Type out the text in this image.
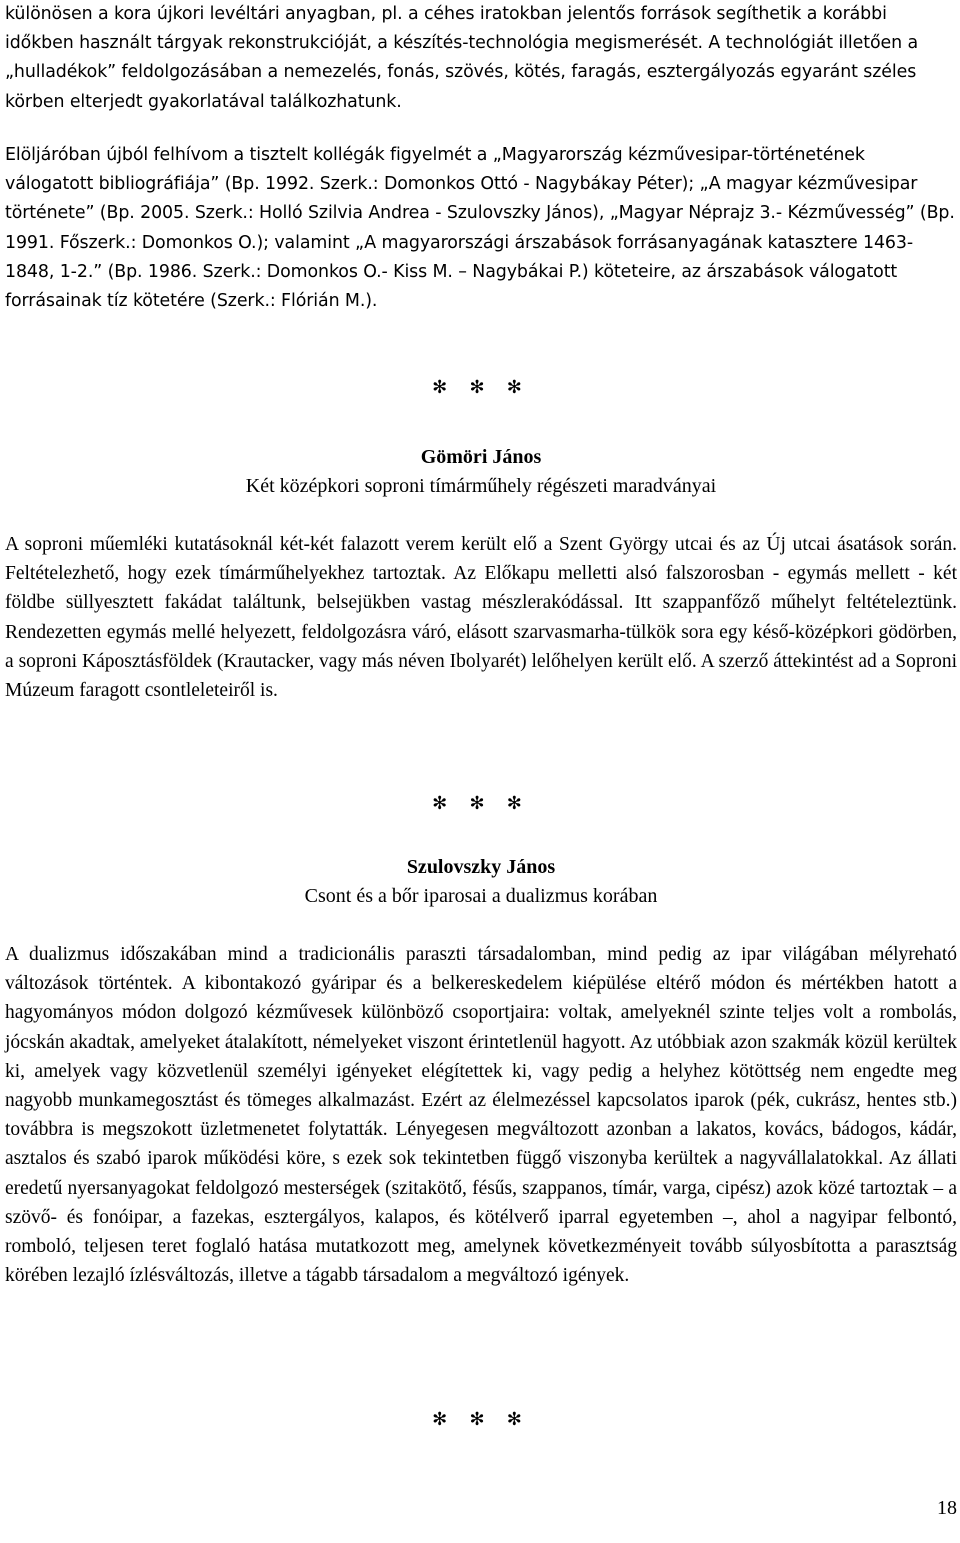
különösen a kora újkori levéltári anyagban, pl. a céhes iratokban jelentős források segíthetik a korábbi időkben használt tárgyak rekonstrukcióját, a készítés-technológia megismerését. A technológiát illetően a „hulladékok” feldolgozásában a nemezelés, fonás, szövés, kötés, faragás, esztergályozás egyaránt széles körben elterjedt gyakorlatával találkozhatunk.

Elöljáróban újból felhívom a tisztelt kollégák figyelmét a „Magyarország kézművesipar-történetének válogatott bibliográfiája” (Bp. 1992. Szerk.: Domonkos Ottó - Nagybákay Péter); „A magyar kézművesipar története” (Bp. 2005. Szerk.: Holló Szilvia Andrea - Szulovszky János), „Magyar Néprajz 3.- Kézművesség” (Bp. 1991. Főszerk.: Domonkos O.); valamint „A magyarországi árszabások forrásanyagának katasztere 1463-1848, 1-2.” (Bp. 1986. Szerk.: Domonkos O.- Kiss M. – Nagybákai P.) köteteire, az árszabások válogatott forrásainak tíz kötetére (Szerk.: Flórián M.).

✻ ✻ ✻

Gömöri János

Két középkori soproni tímárműhely régészeti maradványai

A soproni műemléki kutatásoknál két-két falazott verem került elő a Szent György utcai és az Új utcai ásatások során. Feltételezhető, hogy ezek tímárműhelyekhez tartoztak. Az Előkapu melletti alsó falszorosban - egymás mellett - két földbe süllyesztett fakádat találtunk, belsejükben vastag mészlerakódással. Itt szappanfőző műhelyt feltételeztünk. Rendezetten egymás mellé helyezett, feldolgozásra váró, elásott szarvasmarha-tülkök sora egy késő-középkori gödörben, a soproni Káposztásföldek (Krautacker, vagy más néven Ibolyarét) lelőhelyen került elő. A szerző áttekintést ad a Soproni Múzeum faragott csontleleteiről is.

✻ ✻ ✻

Szulovszky János

Csont és a bőr iparosai a dualizmus korában

A dualizmus időszakában mind a tradicionális paraszti társadalomban, mind pedig az ipar világában mélyreható változások történtek. A kibontakozó gyáripar és a belkereskedelem kiépülése eltérő módon és mértékben hatott a hagyományos módon dolgozó kézművesek különböző csoportjaira: voltak, amelyeknél szinte teljes volt a rombolás, jócskán akadtak, amelyeket átalakított, némelyeket viszont érintetlenül hagyott. Az utóbbiak azon szakmák közül kerültek ki, amelyek vagy közvetlenül személyi igényeket elégítettek ki, vagy pedig a helyhez kötöttség nem engedte meg nagyobb munkamegosztást és tömeges alkalmazást. Ezért az élelmezéssel kapcsolatos iparok (pék, cukrász, hentes stb.) továbbra is megszokott üzletmenetet folytatták. Lényegesen megváltozott azonban a lakatos, kovács, bádogos, kádár, asztalos és szabó iparok működési köre, s ezek sok tekintetben függő viszonyba kerültek a nagyvállalatokkal. Az állati eredetű nyersanyagokat feldolgozó mesterségek (szitakötő, fésűs, szappanos, tímár, varga, cipész) azok közé tartoztak – a szövő- és fonóipar, a fazekas, esztergályos, kalapos, és kötélverő iparral egyetemben –, ahol a nagyipar felbontó, romboló, teljesen teret foglaló hatása mutatkozott meg, amelynek következményeit tovább súlyosbította a parasztság körében lezajló ízlésváltozás, illetve a tágabb társadalom a megváltozó igények.

✻ ✻ ✻
18
